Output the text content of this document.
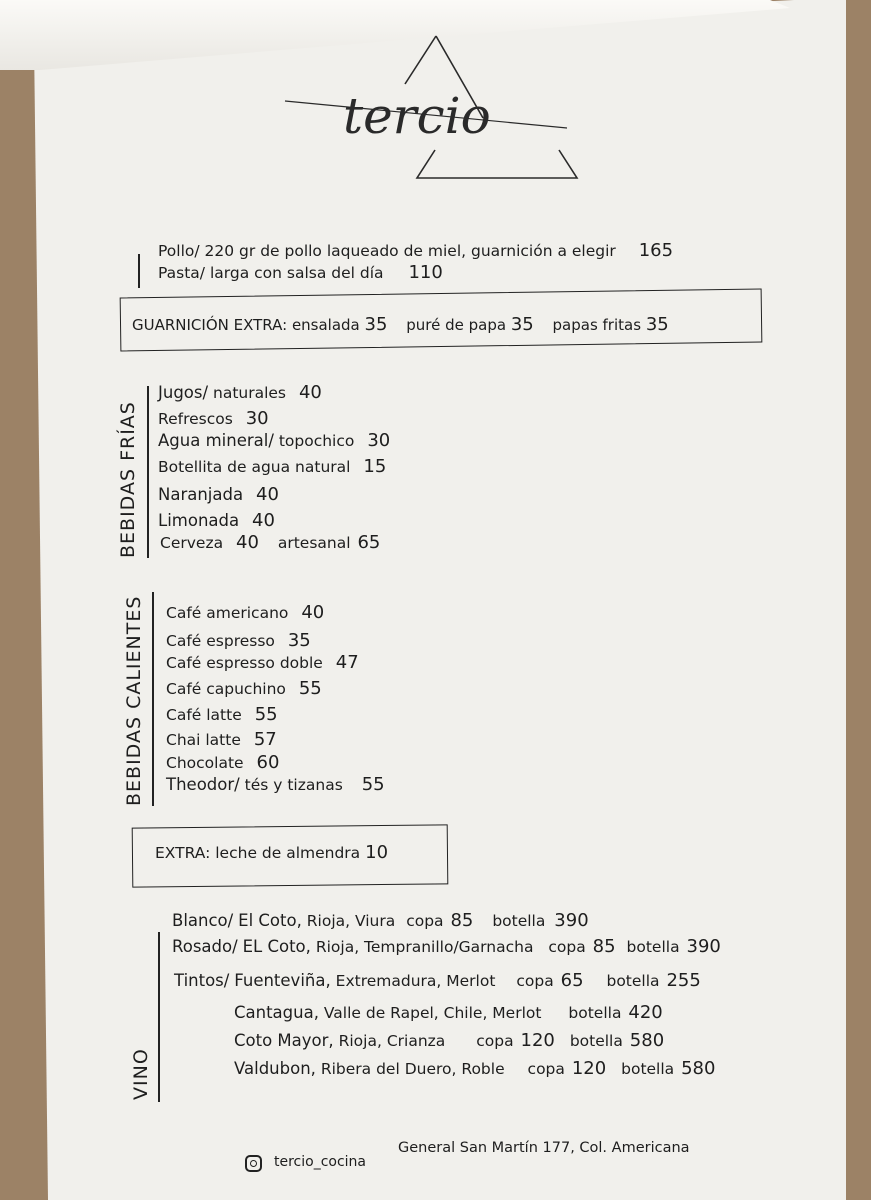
tercio
Pollo/ 220 gr de pollo laqueado de miel, guarnición a elegir 165
Pasta/ larga con salsa del día 110
GUARNICIÓN EXTRA: ensalada 35 puré de papa 35 papas fritas 35
BEBIDAS FRÍAS
Jugos/ naturales 40
Refrescos 30
Agua mineral/ topochico 30
Botellita de agua natural 15
Naranjada 40
Limonada 40
Cerveza 40 artesanal 65
BEBIDAS CALIENTES Café americano 40
Café espresso 35
Café espresso doble 47
Café capuchino 55
Café latte 55
Chai latte 57
Chocolate 60
Theodor/ tés y tizanas 55
EXTRA: leche de almendra 10
VINO
Blanco/ El Coto, Rioja, Viura copa 85 botella 390
Rosado/ EL Coto, Rioja, Tempranillo/Garnacha copa 85 botella 390
Tintos/ Fuenteviña, Extremadura, Merlot copa 65 botella 255
Cantagua, Valle de Rapel, Chile, Merlot botella 420
Coto Mayor, Rioja, Crianza copa 120 botella 580
Valdubon, Ribera del Duero, Roble copa 120 botella 580
tercio_cocina
General San Martín 177, Col. Americana
